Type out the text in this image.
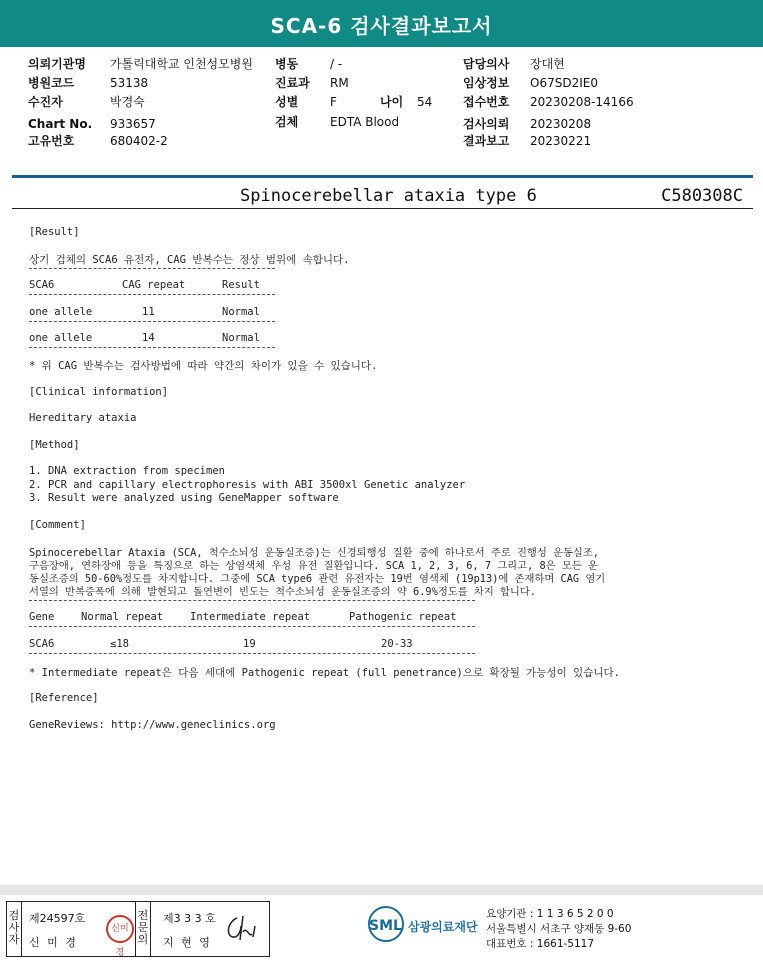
SCA-6 검사결과보고서
의뢰기관명 가톨릭대학교 인천성모병원
병원코드	53138
수진자	박경숙
Chart No. 933657
고유번호	680402-2
병동	/ -
진료과 RM
성별	F	나이 54
검체	EDTA Blood
담당의사 장대현
임상정보 O67SD2IE0
접수번호 20230208-14166
검사의뢰 20230208
결과보고 20230221
Spinocerebellar ataxia type 6	C580308C
[Result]
상기 검체의 SCA6 유전자, CAG 반복수는 정상 범위에 속합니다.
SCA6	CAG repeat	Result
one allele	11	Normal
one allele	14	Normal
* 위 CAG 반복수는 검사방법에 따라 약간의 차이가 있을 수 있습니다.
[Clinical information]
Hereditary ataxia
[Method]
1. DNA extraction from specimen
2. PCR and capillary electrophoresis with ABI 3500xl Genetic analyzer
3. Result were analyzed using GeneMapper software
[Comment]
Spinocerebellar Ataxia (SCA, 척수소뇌성 운동실조증)는 신경퇴행성 질환 중에 하나로서 주로 진행성 운동실조,
구음장애, 연하장애 등을 특징으로 하는 상염색체 우성 유전 질환입니다. SCA 1, 2, 3, 6, 7 그리고, 8은 모든 운
동실조증의 50-60%정도를 차지합니다. 그중에 SCA type6 관련 유전자는 19번 염색체 (19p13)에 존재하며 CAG 염기
서열의 반복증폭에 의해 발현되고 돌연변이 빈도는 척수소뇌성 운동실조증의 약 6.9%정도를 차지 합니다.
Gene	Normal repeat	Intermediate repeat	Pathogenic repeat
SCA6	≤18	19	20-33
* Intermediate repeat은 다음 세대에 Pathogenic repeat (full penetrance)으로 확장될 가능성이 있습니다.
[Reference]
GeneReviews: http://www.geneclinics.org
검사자
제24597호
신 미 경
신미경
전문의
제3 3 3 호
지 현 영
SML 삼광의료재단
요양기관 : 1 1 3 6 5 2 0 0
서울특별시 서초구 양재동 9-60
대표번호 : 1661-5117
